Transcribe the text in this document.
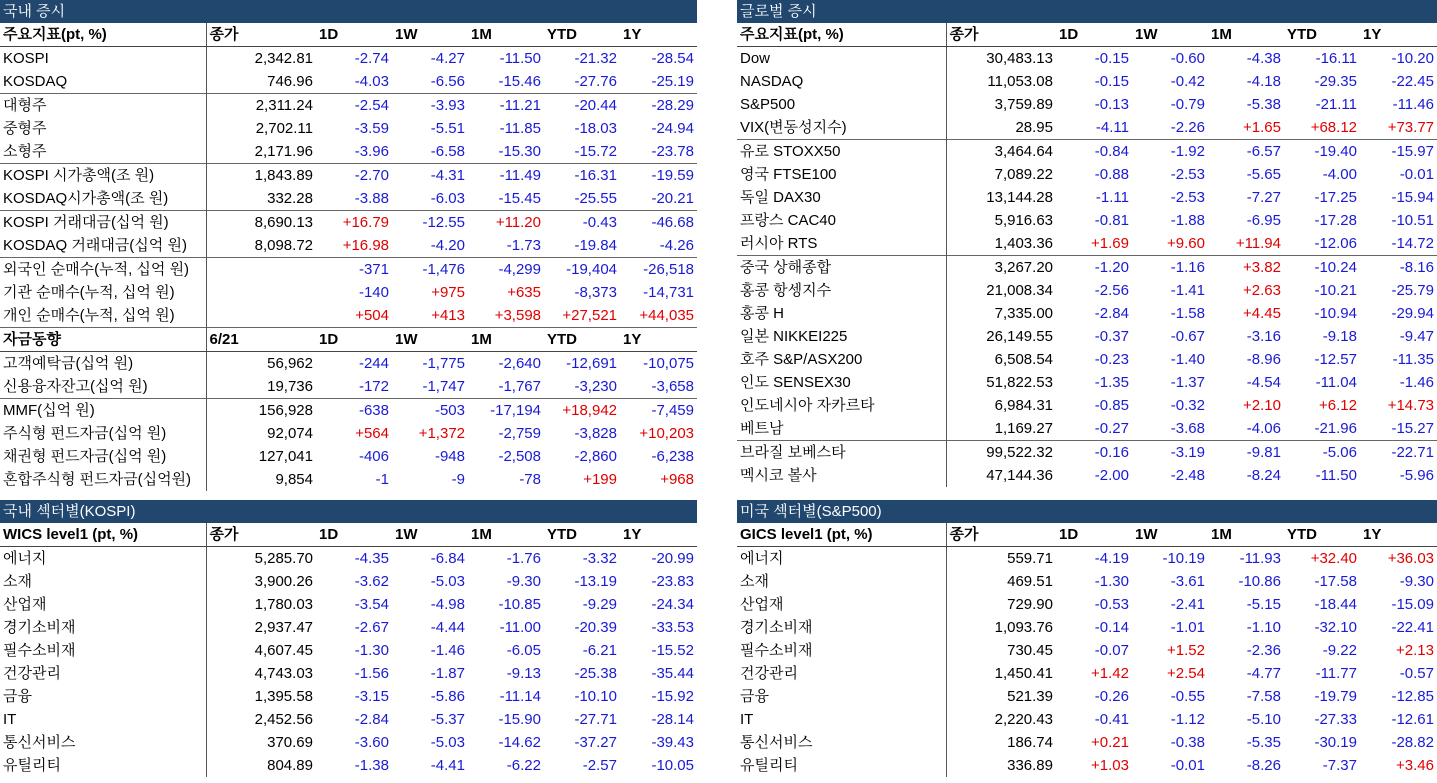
국내 증시
주요지표(pt, %)	종가	1D	1W	1M	YTD	1Y
KOSPI	2,342.81	-2.74	-4.27	-11.50	-21.32	-28.54
KOSDAQ	746.96	-4.03	-6.56	-15.46	-27.76	-25.19
대형주	2,311.24	-2.54	-3.93	-11.21	-20.44	-28.29
중형주	2,702.11	-3.59	-5.51	-11.85	-18.03	-24.94
소형주	2,171.96	-3.96	-6.58	-15.30	-15.72	-23.78
KOSPI 시가총액(조 원)	1,843.89	-2.70	-4.31	-11.49	-16.31	-19.59
KOSDAQ시가총액(조 원)	332.28	-3.88	-6.03	-15.45	-25.55	-20.21
KOSPI 거래대금(십억 원)	8,690.13	+16.79	-12.55	+11.20	-0.43	-46.68
KOSDAQ 거래대금(십억 원)	8,098.72	+16.98	-4.20	-1.73	-19.84	-4.26
외국인 순매수(누적, 십억 원)		-371	-1,476	-4,299	-19,404	-26,518
기관 순매수(누적, 십억 원)		-140	+975	+635	-8,373	-14,731
개인 순매수(누적, 십억 원)		+504	+413	+3,598	+27,521	+44,035
자금동향	6/21	1D	1W	1M	YTD	1Y
고객예탁금(십억 원)	56,962	-244	-1,775	-2,640	-12,691	-10,075
신용융자잔고(십억 원)	19,736	-172	-1,747	-1,767	-3,230	-3,658
MMF(십억 원)	156,928	-638	-503	-17,194	+18,942	-7,459
주식형 펀드자금(십억 원)	92,074	+564	+1,372	-2,759	-3,828	+10,203
채권형 펀드자금(십억 원)	127,041	-406	-948	-2,508	-2,860	-6,238
혼합주식형 펀드자금(십억원)	9,854	-1	-9	-78	+199	+968
글로벌 증시
주요지표(pt, %)	종가	1D	1W	1M	YTD	1Y
Dow	30,483.13	-0.15	-0.60	-4.38	-16.11	-10.20
NASDAQ	11,053.08	-0.15	-0.42	-4.18	-29.35	-22.45
S&P500	3,759.89	-0.13	-0.79	-5.38	-21.11	-11.46
VIX(변동성지수)	28.95	-4.11	-2.26	+1.65	+68.12	+73.77
유로 STOXX50	3,464.64	-0.84	-1.92	-6.57	-19.40	-15.97
영국 FTSE100	7,089.22	-0.88	-2.53	-5.65	-4.00	-0.01
독일 DAX30	13,144.28	-1.11	-2.53	-7.27	-17.25	-15.94
프랑스 CAC40	5,916.63	-0.81	-1.88	-6.95	-17.28	-10.51
러시아 RTS	1,403.36	+1.69	+9.60	+11.94	-12.06	-14.72
중국 상해종합	3,267.20	-1.20	-1.16	+3.82	-10.24	-8.16
홍콩 항셍지수	21,008.34	-2.56	-1.41	+2.63	-10.21	-25.79
홍콩 H	7,335.00	-2.84	-1.58	+4.45	-10.94	-29.94
일본 NIKKEI225	26,149.55	-0.37	-0.67	-3.16	-9.18	-9.47
호주 S&P/ASX200	6,508.54	-0.23	-1.40	-8.96	-12.57	-11.35
인도 SENSEX30	51,822.53	-1.35	-1.37	-4.54	-11.04	-1.46
인도네시아 자카르타	6,984.31	-0.85	-0.32	+2.10	+6.12	+14.73
베트남	1,169.27	-0.27	-3.68	-4.06	-21.96	-15.27
브라질 보베스타	99,522.32	-0.16	-3.19	-9.81	-5.06	-22.71
멕시코 볼사	47,144.36	-2.00	-2.48	-8.24	-11.50	-5.96
국내 섹터별(KOSPI)
WICS level1 (pt, %)	종가	1D	1W	1M	YTD	1Y
에너지	5,285.70	-4.35	-6.84	-1.76	-3.32	-20.99
소재	3,900.26	-3.62	-5.03	-9.30	-13.19	-23.83
산업재	1,780.03	-3.54	-4.98	-10.85	-9.29	-24.34
경기소비재	2,937.47	-2.67	-4.44	-11.00	-20.39	-33.53
필수소비재	4,607.45	-1.30	-1.46	-6.05	-6.21	-15.52
건강관리	4,743.03	-1.56	-1.87	-9.13	-25.38	-35.44
금융	1,395.58	-3.15	-5.86	-11.14	-10.10	-15.92
IT	2,452.56	-2.84	-5.37	-15.90	-27.71	-28.14
통신서비스	370.69	-3.60	-5.03	-14.62	-37.27	-39.43
유틸리티	804.89	-1.38	-4.41	-6.22	-2.57	-10.05
미국 섹터별(S&P500)
GICS level1 (pt, %)	종가	1D	1W	1M	YTD	1Y
에너지	559.71	-4.19	-10.19	-11.93	+32.40	+36.03
소재	469.51	-1.30	-3.61	-10.86	-17.58	-9.30
산업재	729.90	-0.53	-2.41	-5.15	-18.44	-15.09
경기소비재	1,093.76	-0.14	-1.01	-1.10	-32.10	-22.41
필수소비재	730.45	-0.07	+1.52	-2.36	-9.22	+2.13
건강관리	1,450.41	+1.42	+2.54	-4.77	-11.77	-0.57
금융	521.39	-0.26	-0.55	-7.58	-19.79	-12.85
IT	2,220.43	-0.41	-1.12	-5.10	-27.33	-12.61
통신서비스	186.74	+0.21	-0.38	-5.35	-30.19	-28.82
유틸리티	336.89	+1.03	-0.01	-8.26	-7.37	+3.46
